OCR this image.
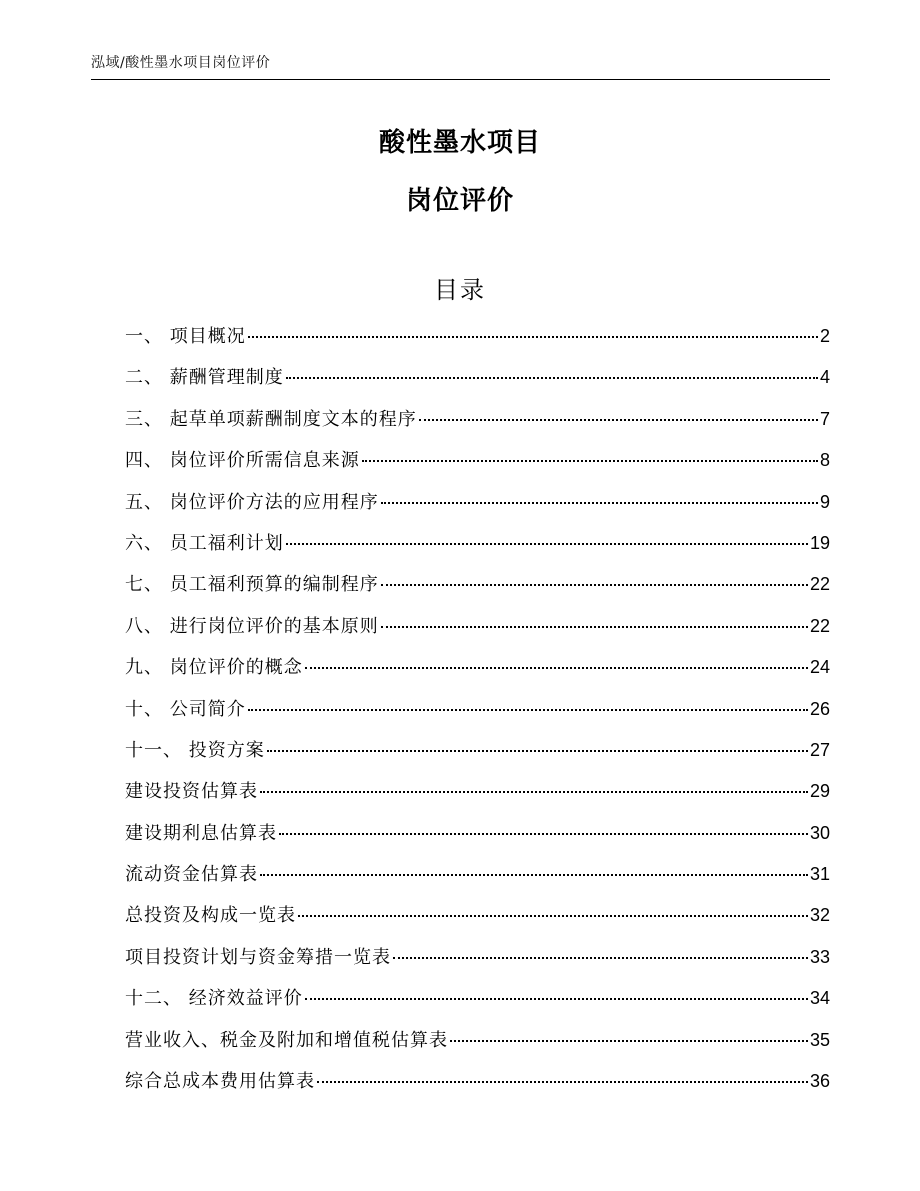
泓域/酸性墨水项目岗位评价
酸性墨水项目
岗位评价
目录
一、 项目概况	2
二、 薪酬管理制度	4
三、 起草单项薪酬制度文本的程序	7
四、 岗位评价所需信息来源	8
五、 岗位评价方法的应用程序	9
六、 员工福利计划	19
七、 员工福利预算的编制程序	22
八、 进行岗位评价的基本原则	22
九、 岗位评价的概念	24
十、 公司简介	26
十一、 投资方案	27
建设投资估算表	29
建设期利息估算表	30
流动资金估算表	31
总投资及构成一览表	32
项目投资计划与资金筹措一览表	33
十二、 经济效益评价	34
营业收入、税金及附加和增值税估算表	35
综合总成本费用估算表	36
